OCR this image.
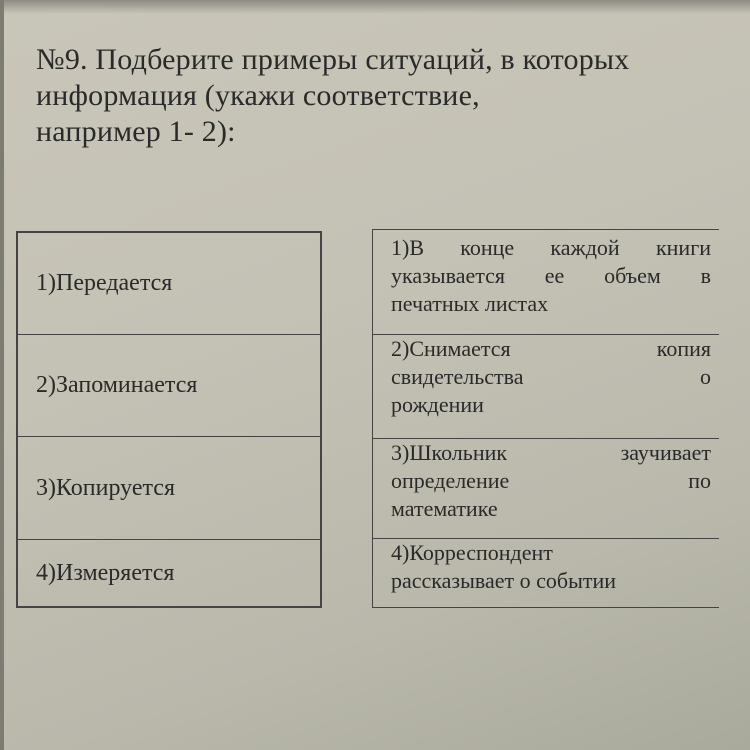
№9. Подберите примеры ситуаций, в которых
информация (укажи соответствие,
например 1- 2):
1)Передается
2)Запоминается
3)Копируется
4)Измеряется
1)В конце каждой книги
указывается ее объем в
печатных листах
2)Снимается копия
свидетельства о
рождении
3)Школьник заучивает
определение по
математике
4)Корреспондент
рассказывает о событии
